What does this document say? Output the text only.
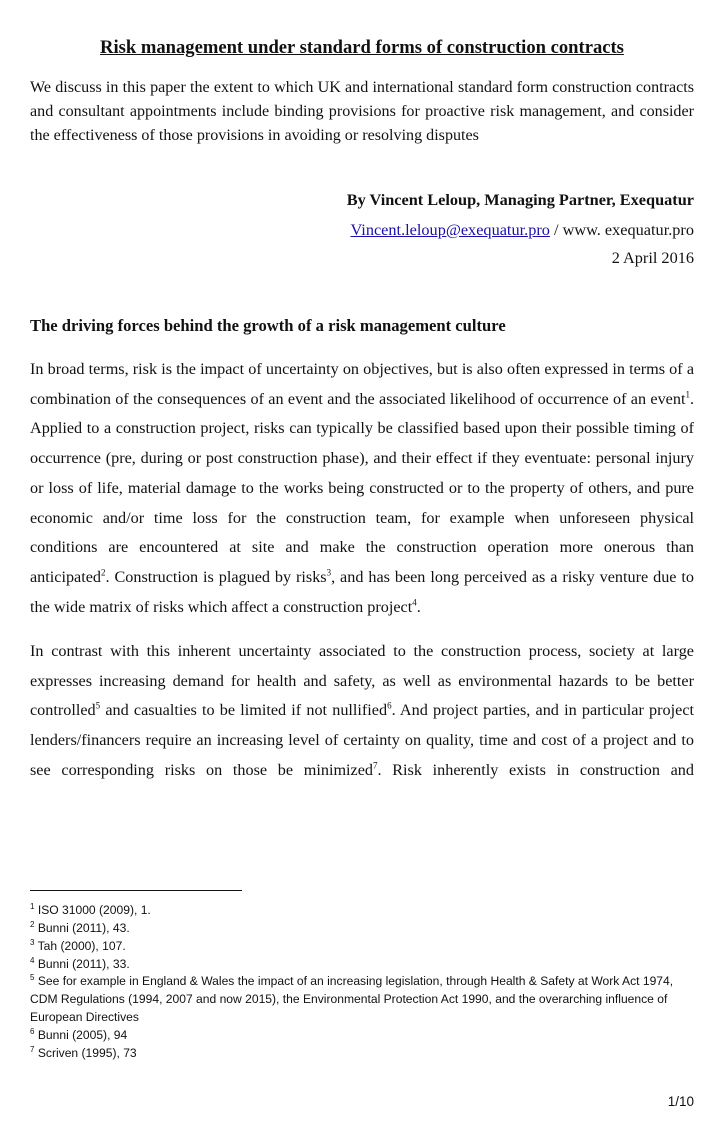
Risk management under standard forms of construction contracts
We discuss in this paper the extent to which UK and international standard form construction contracts and consultant appointments include binding provisions for proactive risk management, and consider the effectiveness of those provisions in avoiding or resolving disputes
By Vincent Leloup, Managing Partner, Exequatur
Vincent.leloup@exequatur.pro / www. exequatur.pro
2 April 2016
The driving forces behind the growth of a risk management culture
In broad terms, risk is the impact of uncertainty on objectives, but is also often expressed in terms of a combination of the consequences of an event and the associated likelihood of occurrence of an event$^1$. Applied to a construction project, risks can typically be classified based upon their possible timing of occurrence (pre, during or post construction phase), and their effect if they eventuate: personal injury or loss of life, material damage to the works being constructed or to the property of others, and pure economic and/or time loss for the construction team, for example when unforeseen physical conditions are encountered at site and make the construction operation more onerous than anticipated$^2$. Construction is plagued by risks$^3$, and has been long perceived as a risky venture due to the wide matrix of risks which affect a construction project$^4$.
In contrast with this inherent uncertainty associated to the construction process, society at large expresses increasing demand for health and safety, as well as environmental hazards to be better controlled$^5$ and casualties to be limited if not nullified$^6$. And project parties, and in particular project lenders/financers require an increasing level of certainty on quality, time and cost of a project and to see corresponding risks on those be minimized$^7$. Risk inherently exists in construction and
$^1$ ISO 31000 (2009), 1.
$^2$ Bunni (2011), 43.
$^3$ Tah (2000), 107.
$^4$ Bunni (2011), 33.
$^5$ See for example in England & Wales the impact of an increasing legislation, through Health & Safety at Work Act 1974, CDM Regulations (1994, 2007 and now 2015), the Environmental Protection Act 1990, and the overarching influence of European Directives
$^6$ Bunni (2005), 94
$^7$ Scriven (1995), 73
1/10
